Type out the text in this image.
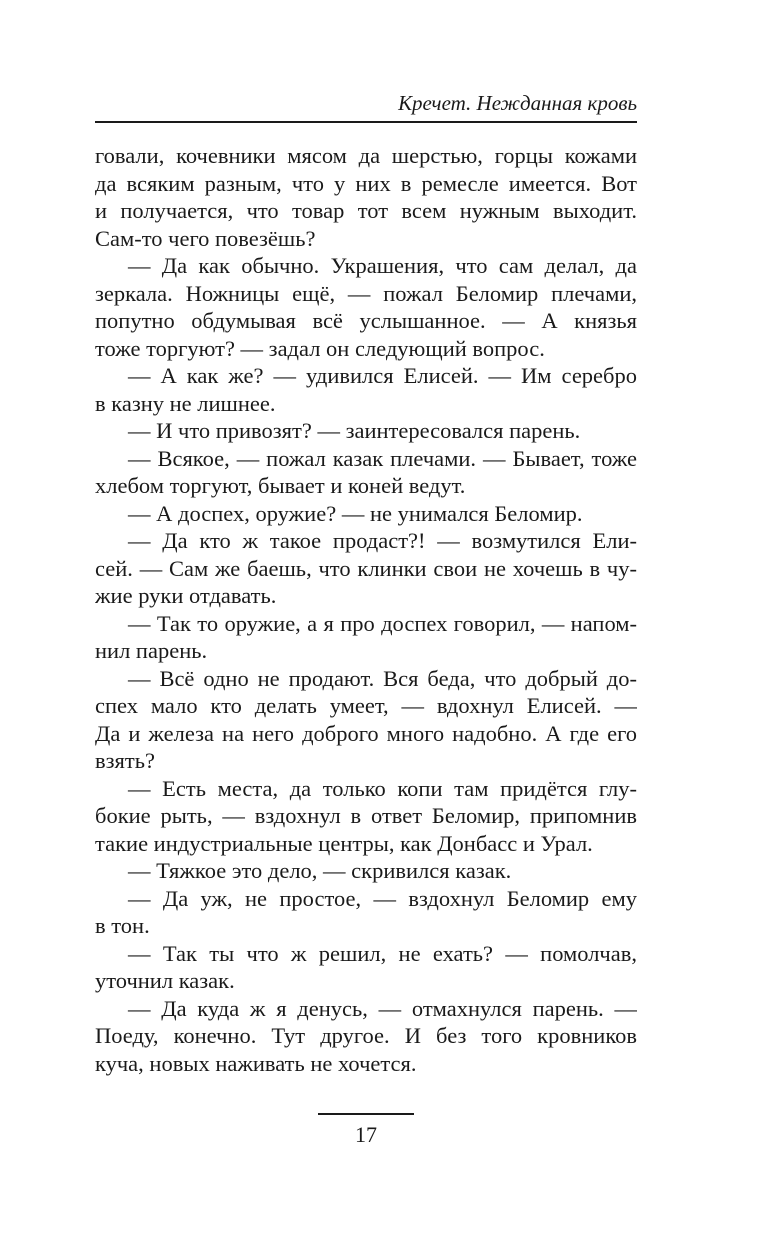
Кречет. Нежданная кровь
говали, кочевники мясом да шерстью, горцы кожами
да всяким разным, что у них в ремесле имеется. Вот
и получается, что товар тот всем нужным выходит.
Сам-то чего повезёшь?
— Да как обычно. Украшения, что сам делал, да
зеркала. Ножницы ещё, — пожал Беломир плечами,
попутно обдумывая всё услышанное. — А князья
тоже торгуют? — задал он следующий вопрос.
— А как же? — удивился Елисей. — Им серебро
в казну не лишнее.
— И что привозят? — заинтересовался парень.
— Всякое, — пожал казак плечами. — Бывает, тоже
хлебом торгуют, бывает и коней ведут.
— А доспех, оружие? — не унимался Беломир.
— Да кто ж такое продаст?! — возмутился Ели-
сей. — Сам же баешь, что клинки свои не хочешь в чу-
жие руки отдавать.
— Так то оружие, а я про доспех говорил, — напом-
нил парень.
— Всё одно не продают. Вся беда, что добрый до-
спех мало кто делать умеет, — вдохнул Елисей. —
Да и железа на него доброго много надобно. А где его
взять?
— Есть места, да только копи там придётся глу-
бокие рыть, — вздохнул в ответ Беломир, припомнив
такие индустриальные центры, как Донбасс и Урал.
— Тяжкое это дело, — скривился казак.
— Да уж, не простое, — вздохнул Беломир ему
в тон.
— Так ты что ж решил, не ехать? — помолчав,
уточнил казак.
— Да куда ж я денусь, — отмахнулся парень. —
Поеду, конечно. Тут другое. И без того кровников
куча, новых наживать не хочется.
17
